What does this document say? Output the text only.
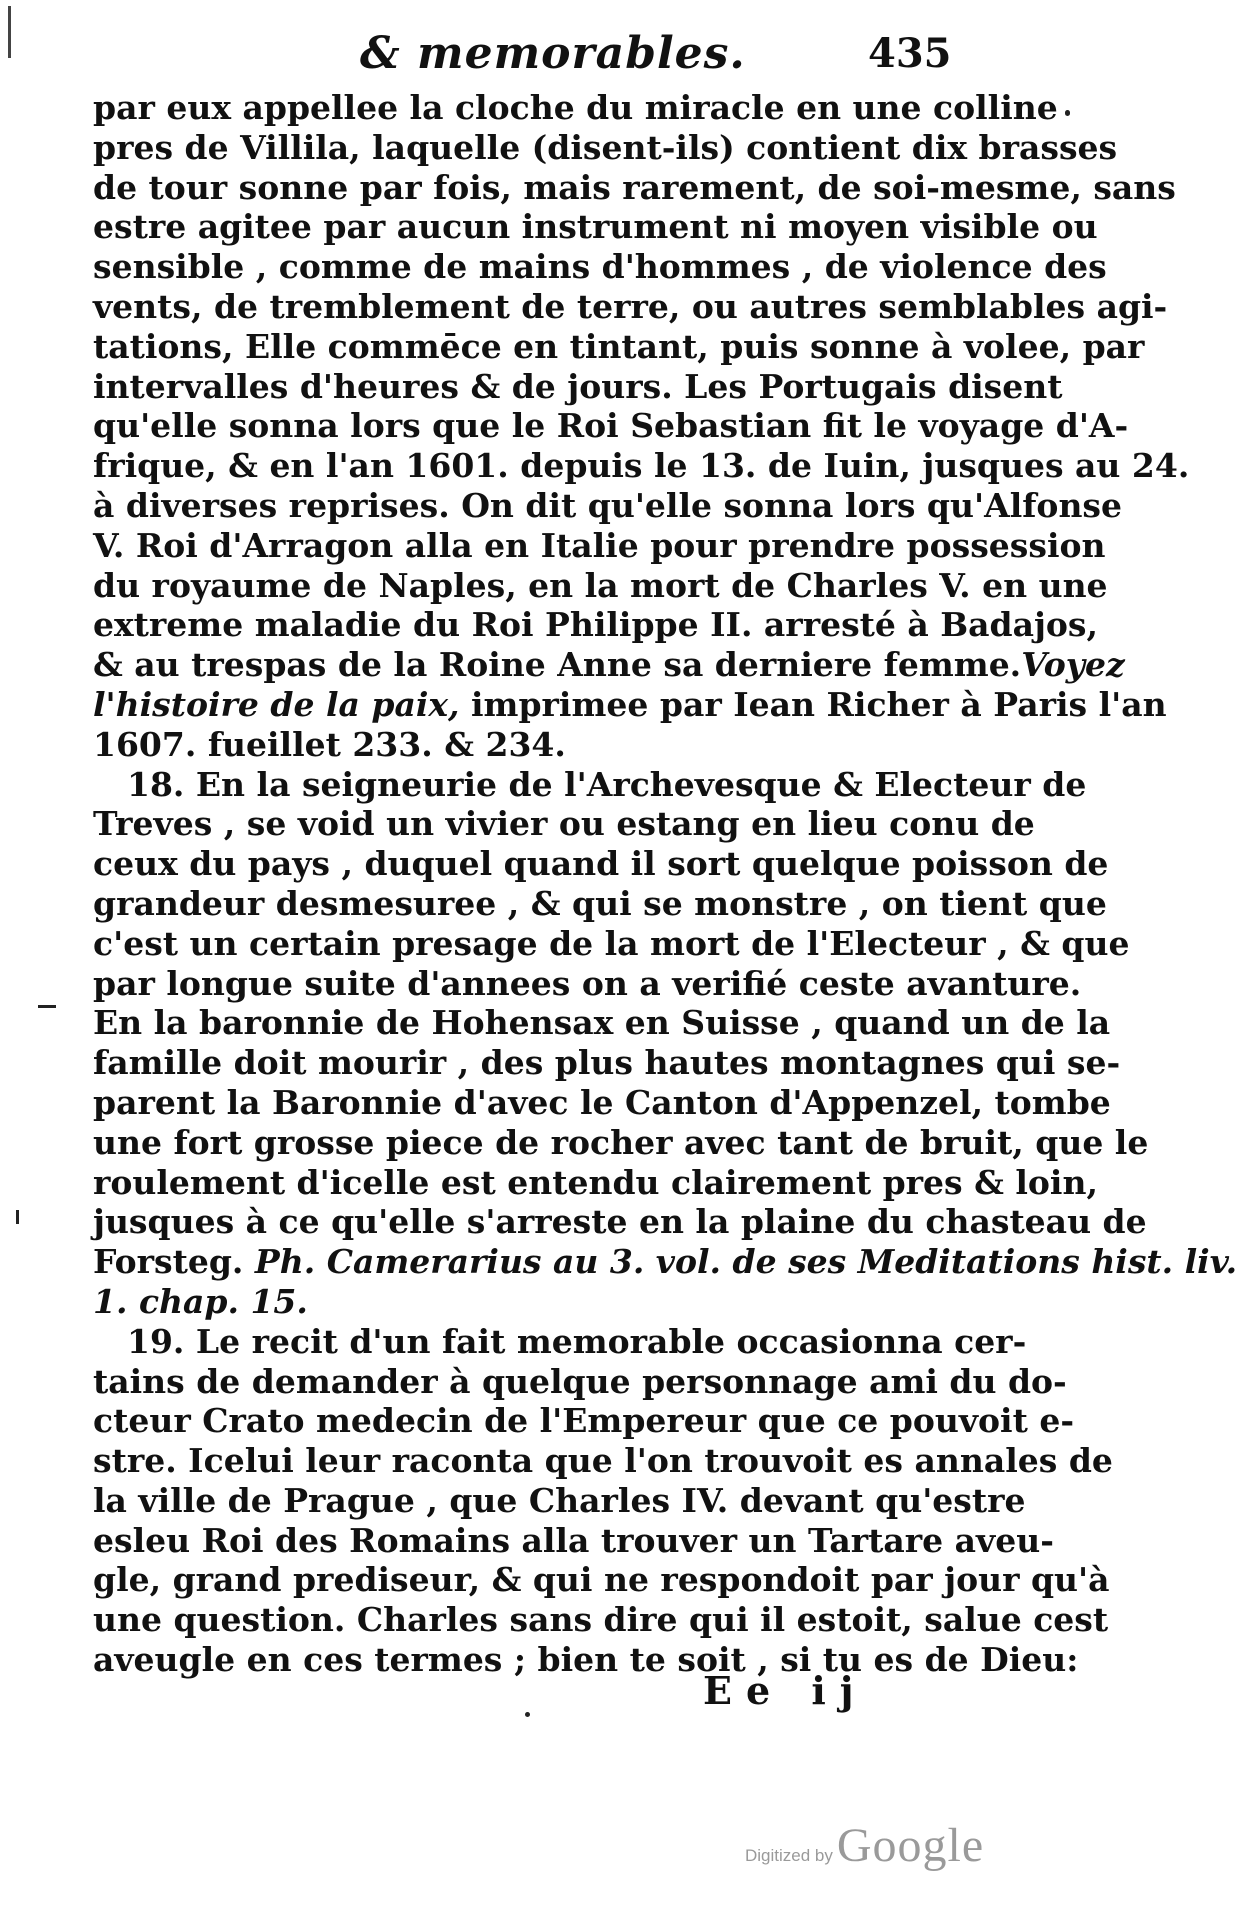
& memorables.	435
par eux appellee la cloche du miracle en une colline
pres de Villila, laquelle (disent-ils) contient dix brasses
de tour sonne par fois, mais rarement, de soi-mesme, sans
estre agitee par aucun instrument ni moyen visible ou
sensible , comme de mains d'hommes , de violence des
vents, de tremblement de terre, ou autres semblables agi-
tations, Elle commēce en tintant, puis sonne à volee, par
intervalles d'heures & de jours. Les Portugais disent
qu'elle sonna lors que le Roi Sebastian fit le voyage d'A-
frique, & en l'an 1601. depuis le 13. de Iuin, jusques au 24.
à diverses reprises. On dit qu'elle sonna lors qu'Alfonse
V. Roi d'Arragon alla en Italie pour prendre possession
du royaume de Naples, en la mort de Charles V. en une
extreme maladie du Roi Philippe II. arresté à Badajos,
& au trespas de la Roine Anne sa derniere femme.Voyez
l'histoire de la paix, imprimee par Iean Richer à Paris l'an
1607. fueillet 233. & 234.
18. En la seigneurie de l'Archevesque & Electeur de
Treves , se void un vivier ou estang en lieu conu de
ceux du pays , duquel quand il sort quelque poisson de
grandeur desmesuree , & qui se monstre , on tient que
c'est un certain presage de la mort de l'Electeur , & que
par longue suite d'annees on a verifié ceste avanture.
En la baronnie de Hohensax en Suisse , quand un de la
famille doit mourir , des plus hautes montagnes qui se-
parent la Baronnie d'avec le Canton d'Appenzel, tombe
une fort grosse piece de rocher avec tant de bruit, que le
roulement d'icelle est entendu clairement pres & loin,
jusques à ce qu'elle s'arreste en la plaine du chasteau de
Forsteg. Ph. Camerarius au 3. vol. de ses Meditations hist. liv.
1. chap. 15.
19. Le recit d'un fait memorable occasionna cer-
tains de demander à quelque personnage ami du do-
cteur Crato medecin de l'Empereur que ce pouvoit e-
stre. Icelui leur raconta que l'on trouvoit es annales de
la ville de Prague , que Charles IV. devant qu'estre
esleu Roi des Romains alla trouver un Tartare aveu-
gle, grand prediseur, & qui ne respondoit par jour qu'à
une question. Charles sans dire qui il estoit, salue cest
aveugle en ces termes ; bien te soit , si tu es de Dieu:
Ee ij
Digitized byGoogle
